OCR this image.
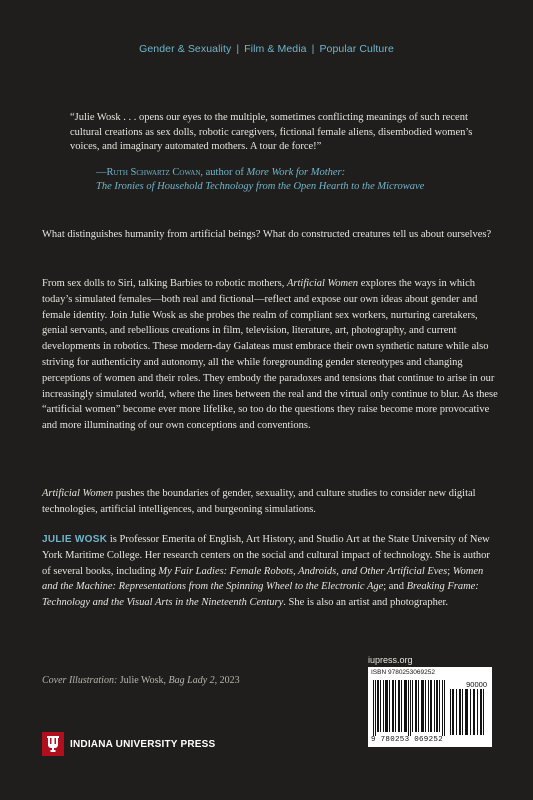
Gender & Sexuality | Film & Media | Popular Culture
“Julie Wosk . . . opens our eyes to the multiple, sometimes conflicting meanings of such recent cultural creations as sex dolls, robotic caregivers, fictional female aliens, disembodied women’s voices, and imaginary automated mothers. A tour de force!”
—Ruth Schwartz Cowan, author of More Work for Mother:
The Ironies of Household Technology from the Open Hearth to the Microwave
What distinguishes humanity from artificial beings? What do constructed creatures tell us about ourselves?
From sex dolls to Siri, talking Barbies to robotic mothers, Artificial Women explores the ways in which today’s simulated females—both real and fictional—reflect and expose our own ideas about gender and female identity. Join Julie Wosk as she probes the realm of compliant sex workers, nurturing caretakers, genial servants, and rebellious creations in film, television, literature, art, photography, and current developments in robotics. These modern-day Galateas must embrace their own synthetic nature while also striving for authenticity and autonomy, all the while foregrounding gender stereotypes and changing perceptions of women and their roles. They embody the paradoxes and tensions that continue to arise in our increasingly simulated world, where the lines between the real and the virtual only continue to blur. As these “artificial women” become ever more lifelike, so too do the questions they raise become more provocative and more illuminating of our own conceptions and conventions.
Artificial Women pushes the boundaries of gender, sexuality, and culture studies to consider new digital technologies, artificial intelligences, and burgeoning simulations.
JULIE WOSK is Professor Emerita of English, Art History, and Studio Art at the State University of New York Maritime College. Her research centers on the social and cultural impact of technology. She is author of several books, including My Fair Ladies: Female Robots, Androids, and Other Artificial Eves; Women and the Machine: Representations from the Spinning Wheel to the Electronic Age; and Breaking Frame: Technology and the Visual Arts in the Nineteenth Century. She is also an artist and photographer.
Cover Illustration: Julie Wosk, Bag Lady 2, 2023
INDIANA UNIVERSITY PRESS
iupress.org
ISBN 9780253069252
90000
9 780253 069252
